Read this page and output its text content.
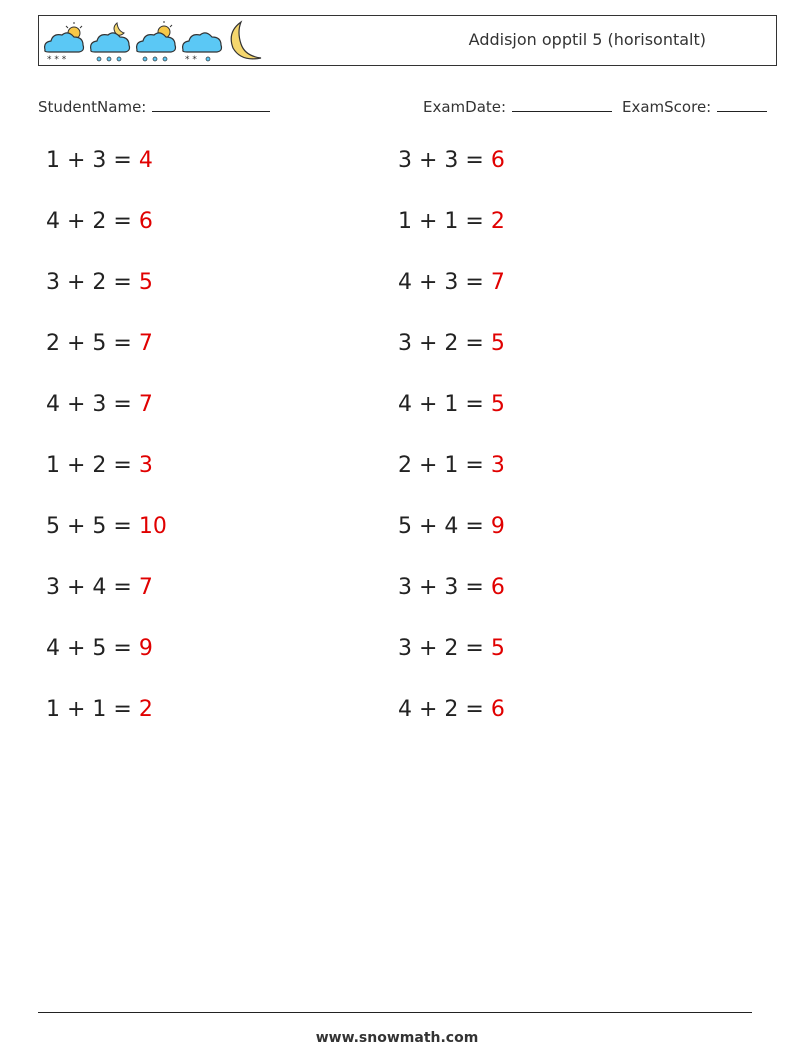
* * *	* *
Addisjon opptil 5 (horisontalt)
StudentName:	ExamDate:	ExamScore:
1 + 3 = 4	3 + 3 = 6
4 + 2 = 6	1 + 1 = 2
3 + 2 = 5	4 + 3 = 7
2 + 5 = 7	3 + 2 = 5
4 + 3 = 7	4 + 1 = 5
1 + 2 = 3	2 + 1 = 3
5 + 5 = 10	5 + 4 = 9
3 + 4 = 7	3 + 3 = 6
4 + 5 = 9	3 + 2 = 5
1 + 1 = 2	4 + 2 = 6
www.snowmath.com
